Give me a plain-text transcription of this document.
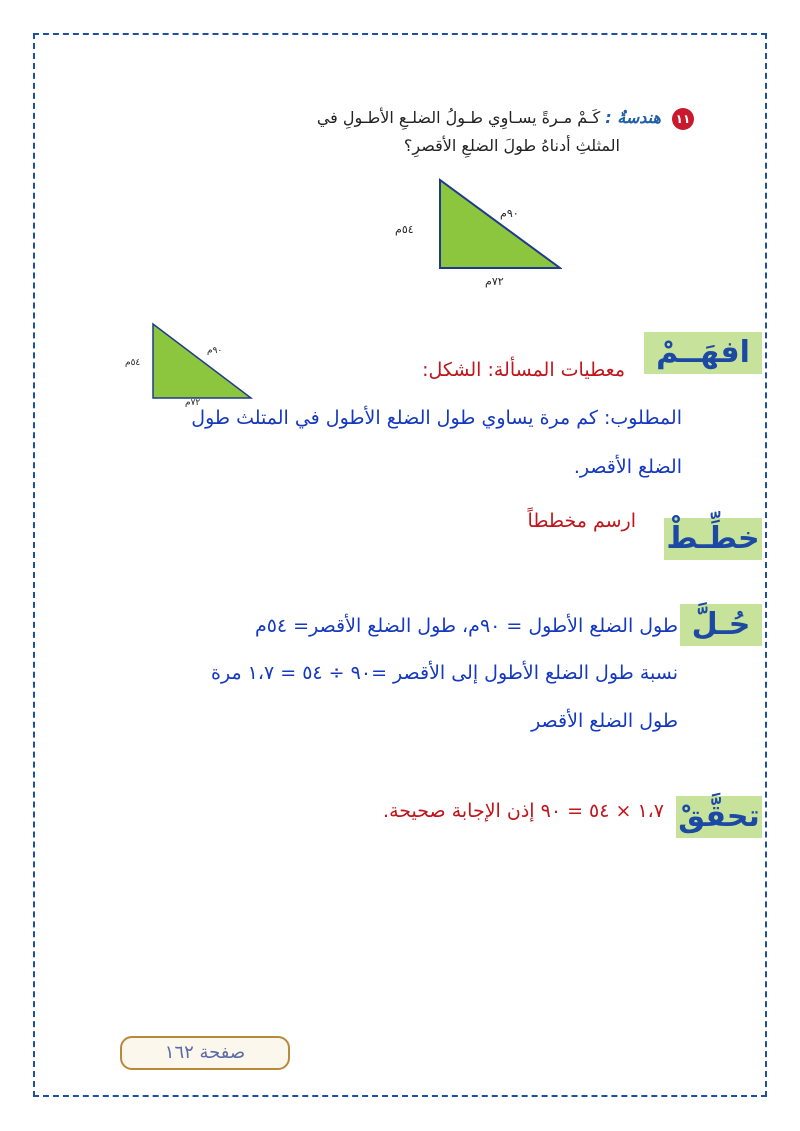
١١ هندسةٌ : كَـمْ مـرةً يسـاوِي طـولُ الضلـعِ الأطـولِ في
المثلثِ أدناهُ طولَ الضلعِ الأقصرِ؟
٩٠م
٥٤م
٧٢م
افهَــمْ
٩٠م
٥٤م
٧٢م
معطيات المسألة: الشكل:
المطلوب: كم مرة يساوي طول الضلع الأطول في المتلث طول
الضلع الأقصر.
خطِّـطْ
ارسم مخططاً
حُـلَّ
طول الضلع الأطول = ٩٠م، طول الضلع الأقصر= ٥٤م
نسبة طول الضلع الأطول إلى الأقصر =٩٠ ÷ ٥٤ = ١،٧ مرة
طول الضلع الأقصر
تحقَّقْ
١،٧ × ٥٤ = ٩٠ إذن الإجابة صحيحة.
صفحة ١٦٢
